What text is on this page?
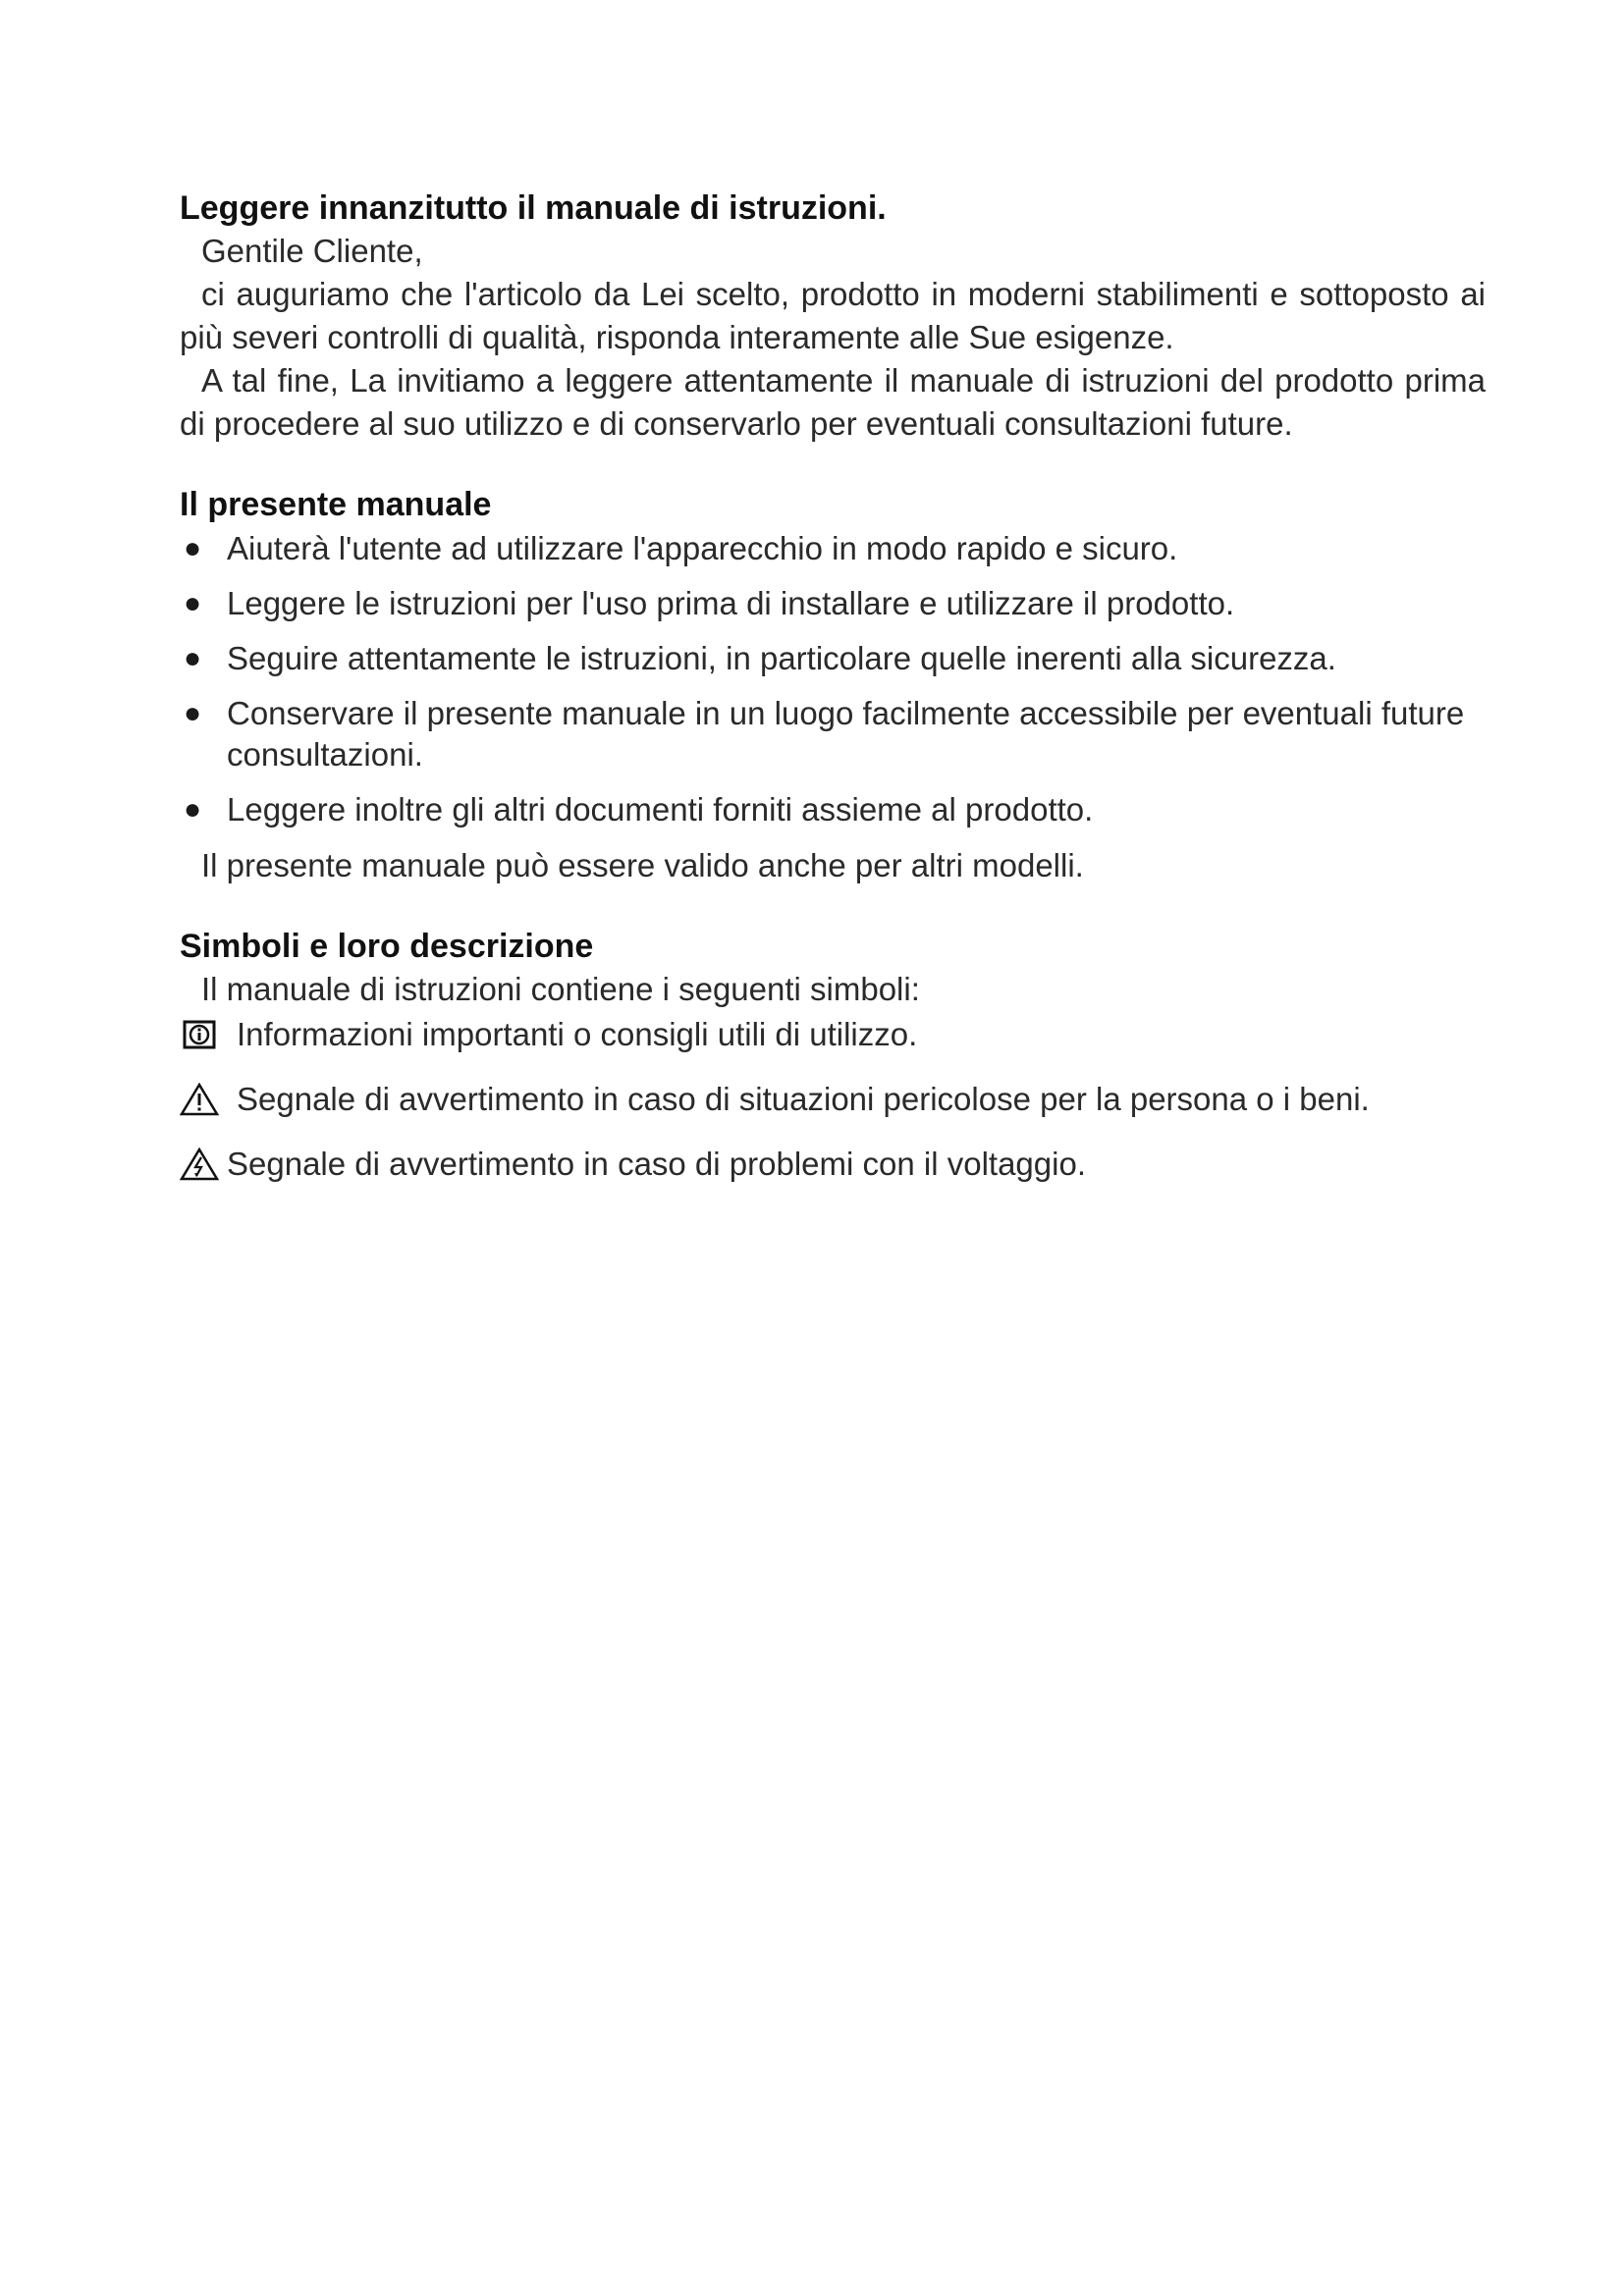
Leggere innanzitutto il manuale di istruzioni.

Gentile Cliente,

ci auguriamo che l'articolo da Lei scelto, prodotto in moderni stabilimenti e sottoposto ai più severi controlli di qualità, risponda interamente alle Sue esigenze.

A tal fine, La invitiamo a leggere attentamente il manuale di istruzioni del prodotto prima di procedere al suo utilizzo e di conservarlo per eventuali consultazioni future.

Il presente manuale
● Aiuterà l'utente ad utilizzare l'apparecchio in modo rapido e sicuro.
● Leggere le istruzioni per l'uso prima di installare e utilizzare il prodotto.
● Seguire attentamente le istruzioni, in particolare quelle inerenti alla sicurezza.
● Conservare il presente manuale in un luogo facilmente accessibile per eventuali future consultazioni.
● Leggere inoltre gli altri documenti forniti assieme al prodotto.

Il presente manuale può essere valido anche per altri modelli.

Simboli e loro descrizione

Il manuale di istruzioni contiene i seguenti simboli:

Informazioni importanti o consigli utili di utilizzo.
Segnale di avvertimento in caso di situazioni pericolose per la persona o i beni.
Segnale di avvertimento in caso di problemi con il voltaggio.
